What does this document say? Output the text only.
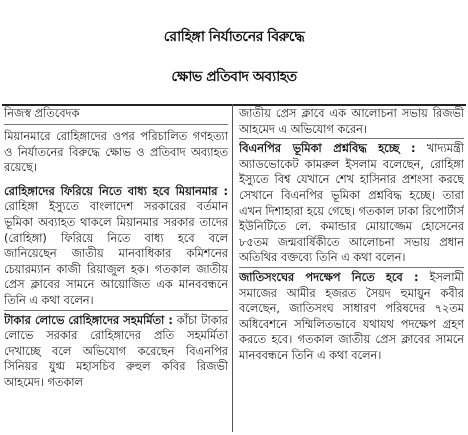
রোহিঙ্গা নির্যাতনের বিরুদ্ধে
ক্ষোভ প্রতিবাদ অব্যাহত
নিজস্ব প্রতিবেদক
মিয়ানমারে রোহিঙ্গাদের ওপর পরিচালিত গণহত্যা ও নির্যাতনের বিরুদ্ধে ক্ষোভ ও প্রতিবাদ অব্যাহত রয়েছে।
রোহিঙ্গাদের ফিরিয়ে নিতে বাধ্য হবে মিয়ানমার : রোহিঙ্গা ইস্যুতে বাংলাদেশ সরকারের বর্তমান ভূমিকা অব্যাহত থাকলে মিয়ানমার সরকার তাদের (রোহিঙ্গা) ফিরিয়ে নিতে বাধ্য হবে বলে জানিয়েছেন জাতীয় মানবাধিকার কমিশনের চেয়ারম্যান কাজী রিয়াজুল হক। গতকাল জাতীয় প্রেস ক্লাবের সামনে আয়োজিত এক মানববন্ধনে তিনি এ কথা বলেন।
টাকার লোভে রোহিঙ্গাদের সহমর্মিতা : কাঁচা টাকার লোভে সরকার রোহিঙ্গাদের প্রতি সহমর্মিতা দেখাচ্ছে বলে অভিযোগ করেছেন বিএনপির সিনিয়র যুগ্ম মহাসচিব রুহুল কবির রিজভী আহমেদ। গতকাল
জাতীয় প্রেস ক্লাবে এক আলোচনা সভায় রিজভী আহমেদ এ অভিযোগ করেন।
বিএনপির ভূমিকা প্রশ্নবিদ্ধ হচ্ছে : খাদ্যমন্ত্রী অ্যাডভোকেট কামরুল ইসলাম বলেছেন, রোহিঙ্গা ইস্যুতে বিশ্ব যেখানে শেখ হাসিনার প্রশংসা করছে সেখানে বিএনপির ভূমিকা প্রশ্নবিদ্ধ হচ্ছে। তারা এখন দিশাহারা হয়ে গেছে। গতকাল ঢাকা রিপোর্টার্স ইউনিটিতে লে. কমান্ডার মোয়াজ্জেম হোসেনের ৮৫তম জন্মবার্ষিকীতে আলোচনা সভায় প্রধান অতিথির বক্তব্যে তিনি এ কথা বলেন।
জাতিসংঘের পদক্ষেপ নিতে হবে : ইসলামী সমাজের আমীর হজরত সৈয়দ হুমায়ুন কবীর বলেছেন, জাতিসংঘ সাধারণ পরিষদের ৭২তম অধিবেশনে সম্মিলিতভাবে যথাযথ পদক্ষেপ গ্রহণ করতে হবে। গতকাল জাতীয় প্রেস ক্লাবের সামনে মানববন্ধনে তিনি এ কথা বলেন।
